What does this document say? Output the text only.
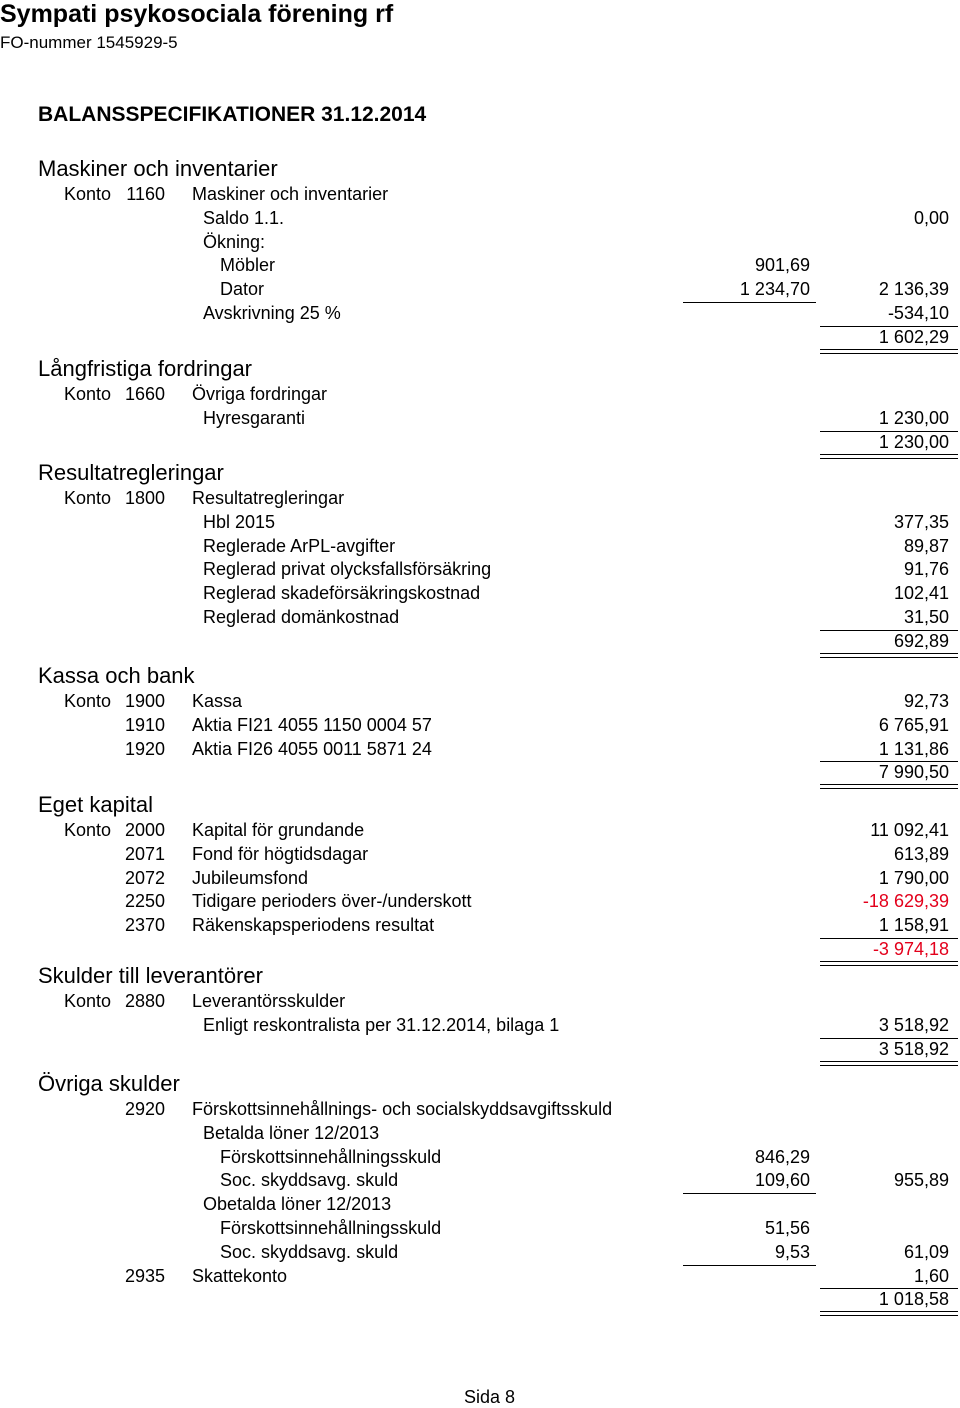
Sympati psykosociala förening rf
FO-nummer 1545929-5
BALANSSPECIFIKATIONER 31.12.2014
Maskiner och inventarier
Konto 1160 Maskiner och inventarier
Saldo 1.1.	0,00
Ökning:
Möbler	901,69
Dator	1 234,70	2 136,39
Avskrivning 25 %	-534,10
1 602,29
Långfristiga fordringar
Konto 1660 Övriga fordringar
Hyresgaranti	1 230,00
1 230,00
Resultatregleringar
Konto 1800 Resultatregleringar
Hbl 2015	377,35
Reglerade ArPL-avgifter	89,87
Reglerad privat olycksfallsförsäkring	91,76
Reglerad skadeförsäkringskostnad	102,41
Reglerad domänkostnad	31,50
692,89
Kassa och bank
Konto 1900 Kassa	92,73
1910 Aktia FI21 4055 1150 0004 57	6 765,91
1920 Aktia FI26 4055 0011 5871 24	1 131,86
7 990,50
Eget kapital
Konto 2000 Kapital för grundande	11 092,41
2071 Fond för högtidsdagar	613,89
2072 Jubileumsfond	1 790,00
2250 Tidigare perioders över-/underskott	-18 629,39
2370 Räkenskapsperiodens resultat	1 158,91
-3 974,18
Skulder till leverantörer
Konto 2880 Leverantörsskulder
Enligt reskontralista per 31.12.2014, bilaga 1	3 518,92
3 518,92
Övriga skulder
2920 Förskottsinnehållnings- och socialskyddsavgiftsskuld
Betalda löner 12/2013
Förskottsinnehållningsskuld	846,29
Soc. skyddsavg. skuld	109,60	955,89
Obetalda löner 12/2013
Förskottsinnehållningsskuld	51,56
Soc. skyddsavg. skuld	9,53	61,09
2935 Skattekonto	1,60
1 018,58
Sida 8
